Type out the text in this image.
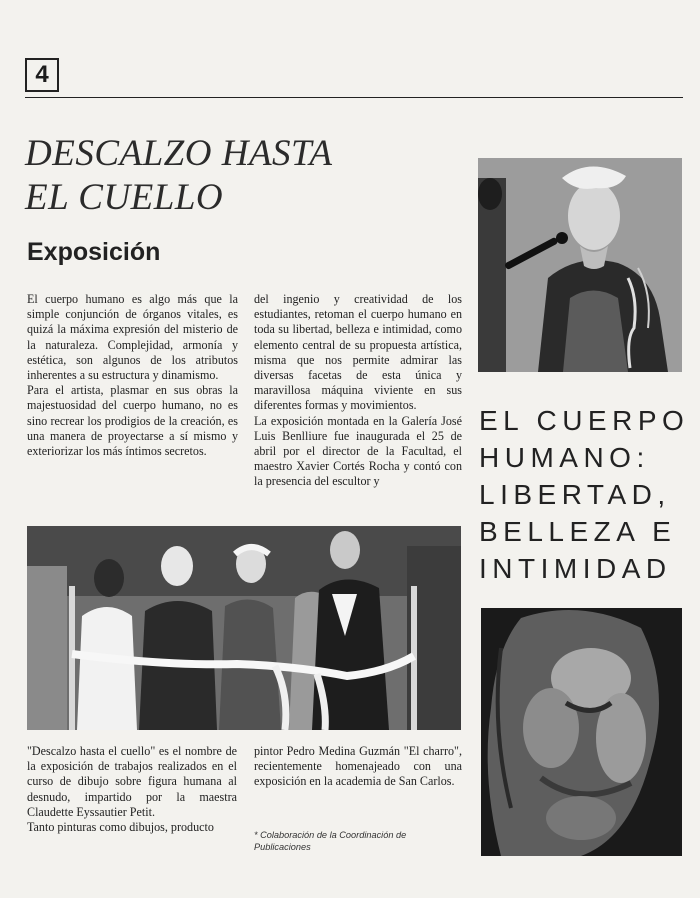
4
DESCALZO HASTA
EL CUELLO
Exposición

El cuerpo humano es algo más que la simple conjunción de órganos vitales, es quizá la máxima expresión del misterio de la naturaleza. Complejidad, armonía y estética, son algunos de los atributos inherentes a su estructura y dinamismo.

Para el artista, plasmar en sus obras la majestuosidad del cuerpo humano, no es sino recrear los prodigios de la creación, es una manera de proyectarse a sí mismo y exteriorizar los más íntimos secretos.

del ingenio y creatividad de los estudiantes, retoman el cuerpo humano en toda su libertad, belleza e intimidad, como elemento central de su propuesta artística, misma que nos permite admirar las diversas facetas de esta única y maravillosa máquina viviente en sus diferentes formas y movimientos.

La exposición montada en la Galería José Luis Benlliure fue inaugurada el 25 de abril por el director de la Facultad, el maestro Xavier Cortés Rocha y contó con la presencia del escultor y

EL CUERPO
HUMANO:
LIBERTAD,
BELLEZA E
INTIMIDAD

"Descalzo hasta el cuello" es el nombre de la exposición de trabajos realizados en el curso de dibujo sobre figura humana al desnudo, impartido por la maestra Claudette Eyssautier Petit.

Tanto pinturas como dibujos, producto

pintor Pedro Medina Guzmán "El charro", recientemente homenajeado con una exposición en la academia de San Carlos.

* Colaboración de la Coordinación de Publicaciones
